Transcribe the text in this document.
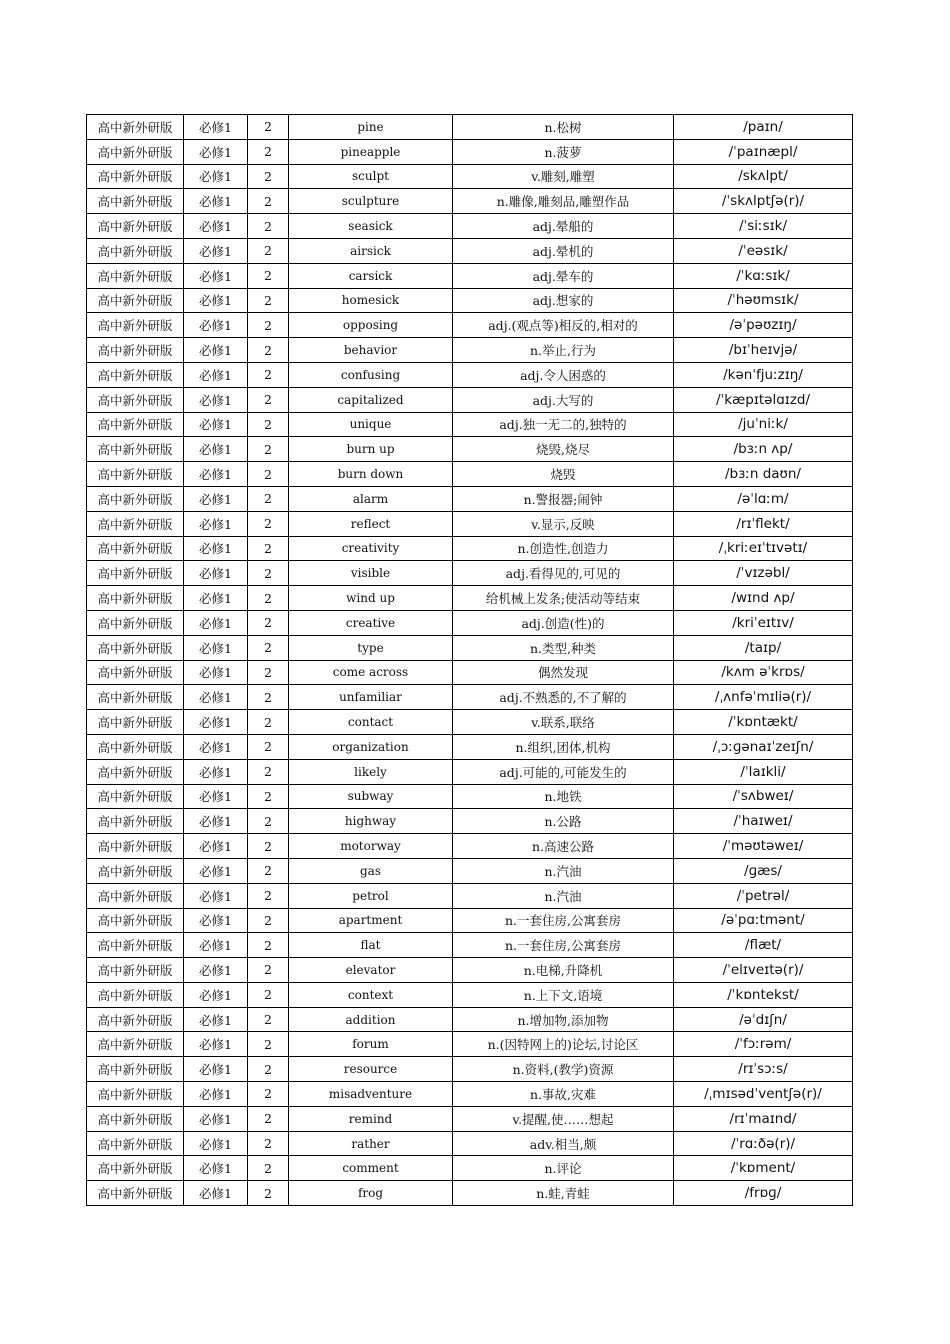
高中新外研版	必修1	2	pine	n.松树	/paɪn/
高中新外研版	必修1	2	pineapple	n.菠萝	/ˈpaɪnæpl/
高中新外研版	必修1	2	sculpt	v.雕刻,雕塑	/skʌlpt/
高中新外研版	必修1	2	sculpture	n.雕像,雕刻品,雕塑作品	/ˈskʌlptʃə(r)/
高中新外研版	必修1	2	seasick	adj.晕船的	/ˈsiːsɪk/
高中新外研版	必修1	2	airsick	adj.晕机的	/ˈeəsɪk/
高中新外研版	必修1	2	carsick	adj.晕车的	/ˈkɑːsɪk/
高中新外研版	必修1	2	homesick	adj.想家的	/ˈhəʊmsɪk/
高中新外研版	必修1	2	opposing	adj.(观点等)相反的,相对的	/əˈpəʊzɪŋ/
高中新外研版	必修1	2	behavior	n.举止,行为	/bɪˈheɪvjə/
高中新外研版	必修1	2	confusing	adj.令人困惑的	/kənˈfjuːzɪŋ/
高中新外研版	必修1	2	capitalized	adj.大写的	/ˈkæpɪtəlɑɪzd/
高中新外研版	必修1	2	unique	adj.独一无二的,独特的	/juˈniːk/
高中新外研版	必修1	2	burn up	烧毁,烧尽	/bɜːn ʌp/
高中新外研版	必修1	2	burn down	烧毁	/bɜːn daʊn/
高中新外研版	必修1	2	alarm	n.警报器;闹钟	/əˈlɑːm/
高中新外研版	必修1	2	reflect	v.显示,反映	/rɪˈflekt/
高中新外研版	必修1	2	creativity	n.创造性,创造力	/ˌkriːeɪˈtɪvətɪ/
高中新外研版	必修1	2	visible	adj.看得见的,可见的	/ˈvɪzəbl/
高中新外研版	必修1	2	wind up	给机械上发条;使活动等结束	/wɪnd ʌp/
高中新外研版	必修1	2	creative	adj.创造(性)的	/kriˈeɪtɪv/
高中新外研版	必修1	2	type	n.类型,种类	/taɪp/
高中新外研版	必修1	2	come across	偶然发现	/kʌm əˈkrɒs/
高中新外研版	必修1	2	unfamiliar	adj.不熟悉的,不了解的	/ˌʌnfəˈmɪliə(r)/
高中新外研版	必修1	2	contact	v.联系,联络	/ˈkɒntækt/
高中新外研版	必修1	2	organization	n.组织,团体,机构	/ˌɔːɡənaɪˈzeɪʃn/
高中新外研版	必修1	2	likely	adj.可能的,可能发生的	/ˈlaɪkli/
高中新外研版	必修1	2	subway	n.地铁	/ˈsʌbweɪ/
高中新外研版	必修1	2	highway	n.公路	/ˈhaɪweɪ/
高中新外研版	必修1	2	motorway	n.高速公路	/ˈməʊtəweɪ/
高中新外研版	必修1	2	gas	n.汽油	/ɡæs/
高中新外研版	必修1	2	petrol	n.汽油	/ˈpetrəl/
高中新外研版	必修1	2	apartment	n.一套住房,公寓套房	/əˈpɑːtmənt/
高中新外研版	必修1	2	flat	n.一套住房,公寓套房	/flæt/
高中新外研版	必修1	2	elevator	n.电梯,升降机	/ˈelɪveɪtə(r)/
高中新外研版	必修1	2	context	n.上下文,语境	/ˈkɒntekst/
高中新外研版	必修1	2	addition	n.增加物,添加物	/əˈdɪʃn/
高中新外研版	必修1	2	forum	n.(因特网上的)论坛,讨论区	/ˈfɔːrəm/
高中新外研版	必修1	2	resource	n.资料,(教学)资源	/rɪˈsɔːs/
高中新外研版	必修1	2	misadventure	n.事故,灾难	/ˌmɪsədˈventʃə(r)/
高中新外研版	必修1	2	remind	v.提醒,使……想起	/rɪˈmaɪnd/
高中新外研版	必修1	2	rather	adv.相当,颇	/ˈrɑːðə(r)/
高中新外研版	必修1	2	comment	n.评论	/ˈkɒment/
高中新外研版	必修1	2	frog	n.蛙,青蛙	/frɒɡ/
